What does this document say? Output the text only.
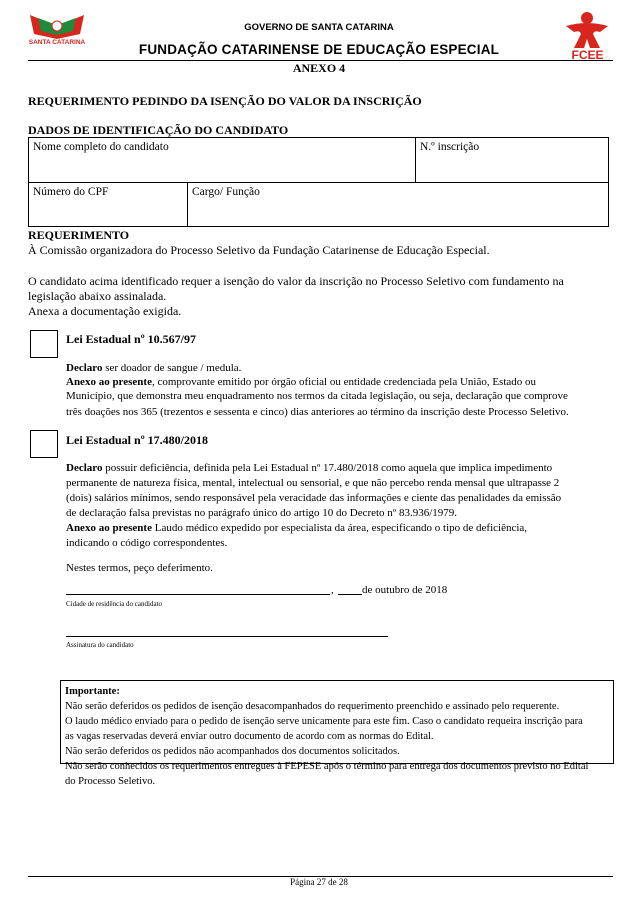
SANTA CATARINA
GOVERNO DE SANTA CATARINA
FUNDAÇÃO CATARINENSE DE EDUCAÇÃO ESPECIAL	FCEE
ANEXO 4
REQUERIMENTO PEDINDO DA ISENÇÃO DO VALOR DA INSCRIÇÃO
DADOS DE IDENTIFICAÇÃO DO CANDIDATO
Nome completo do candidato	N.º inscrição
Número do CPF	Cargo/ Função
REQUERIMENTO
À Comissão organizadora do Processo Seletivo da Fundação Catarinense de Educação Especial.
O candidato acima identificado requer a isenção do valor da inscrição no Processo Seletivo com fundamento na
legislação abaixo assinalada.
Anexa a documentação exigida.
Lei Estadual nº 10.567/97
Declaro ser doador de sangue / medula.
Anexo ao presente, comprovante emitido por órgão oficial ou entidade credenciada pela União, Estado ou
Município, que demonstra meu enquadramento nos termos da citada legislação, ou seja, declaração que comprove
três doações nos 365 (trezentos e sessenta e cinco) dias anteriores ao término da inscrição deste Processo Seletivo.
Lei Estadual nº 17.480/2018
Declaro possuir deficiência, definida pela Lei Estadual nº 17.480/2018 como aquela que implica impedimento
permanente de natureza física, mental, intelectual ou sensorial, e que não percebo renda mensal que ultrapasse 2
(dois) salários mínimos, sendo responsável pela veracidade das informações e ciente das penalidades da emissão
de declaração falsa previstas no parágrafo único do artigo 10 do Decreto nº 83.936/1979.
Anexo ao presente Laudo médico expedido por especialista da área, especificando o tipo de deficiência,
indicando o código correspondentes.
Nestes termos, peço deferimento.
,	de outubro de 2018
Cidade de residência do candidato
Assinatura do candidato
Importante:
Não serão deferidos os pedidos de isenção desacompanhados do requerimento preenchido e assinado pelo requerente.
O laudo médico enviado para o pedido de isenção serve unicamente para este fim. Caso o candidato requeira inscrição para
as vagas reservadas deverá enviar outro documento de acordo com as normas do Edital.
Não serão deferidos os pedidos não acompanhados dos documentos solicitados.
Não serão conhecidos os requerimentos entregues à FEPESE após o término para entrega dos documentos previsto no Edital
do Processo Seletivo.
Página 27 de 28
